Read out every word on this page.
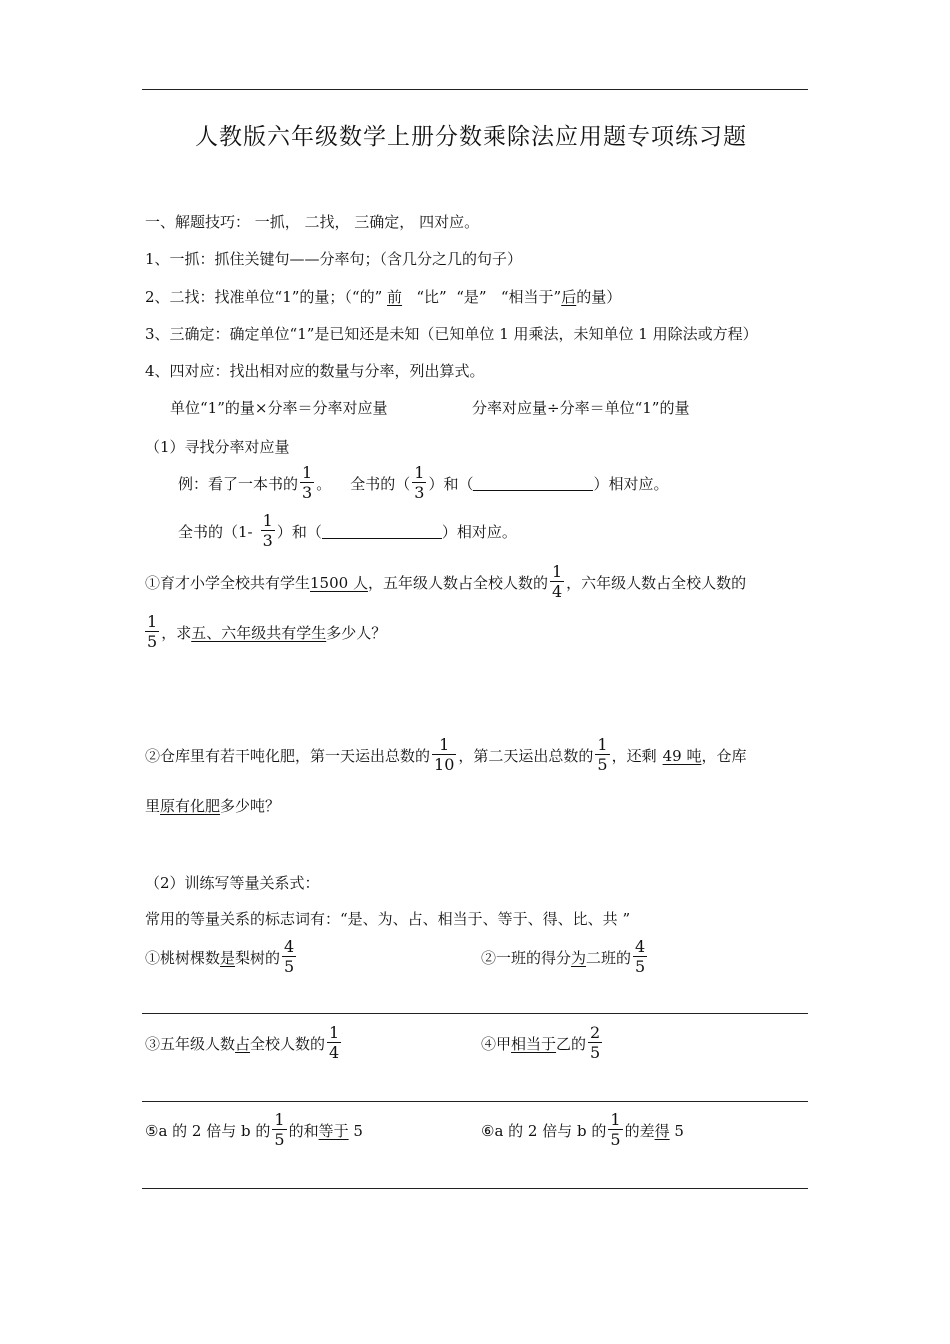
人教版六年级数学上册分数乘除法应用题专项练习题
一、解题技巧： 一抓， 二找， 三确定， 四对应。
1、一抓：抓住关键句——分率句；（含几分之几的句子）
2、二找：找准单位“1”的量；（“的” 前   “比”  “是”   “相当于”后的量）
3、三确定：确定单位“1”是已知还是未知（已知单位 1 用乘法，未知单位 1 用除法或方程）
4、四对应：找出相对应的数量与分率，列出算式。
单位“1”的量×分率＝分率对应量	分率对应量÷分率＝单位“1”的量
（1）寻找分率对应量
例：看了一本书的 $\frac{1}{3}$ 。    全书的（ $\frac{1}{3}$ ）和（	）相对应。
全书的（$1- \frac{1}{3}$ ）和（	）相对应。
①育才小学全校共有学生1500 人，五年级人数占全校人数的 $\frac{1}{4}$ ，六年级人数占全校人数的
$\frac{1}{5}$ ，求五、六年级共有学生多少人？
②仓库里有若干吨化肥，第一天运出总数的 $\frac{1}{10}$ ，第二天运出总数的 $\frac{1}{5}$ ，还剩 49 吨，仓库
里原有化肥多少吨？
（2）训练写等量关系式：
常用的等量关系的标志词有：“是、为、占、相当于、等于、得、比、共 ”
①桃树棵数是梨树的 $\frac{4}{5}$	②一班的得分为二班的 $\frac{4}{5}$
③五年级人数占全校人数的 $\frac{1}{4}$	④甲相当于乙的 $\frac{2}{5}$
⑤a 的 2 倍与 b 的 $\frac{1}{5}$ 的和等于 5	⑥a 的 2 倍与 b 的 $\frac{1}{5}$ 的差得 5
